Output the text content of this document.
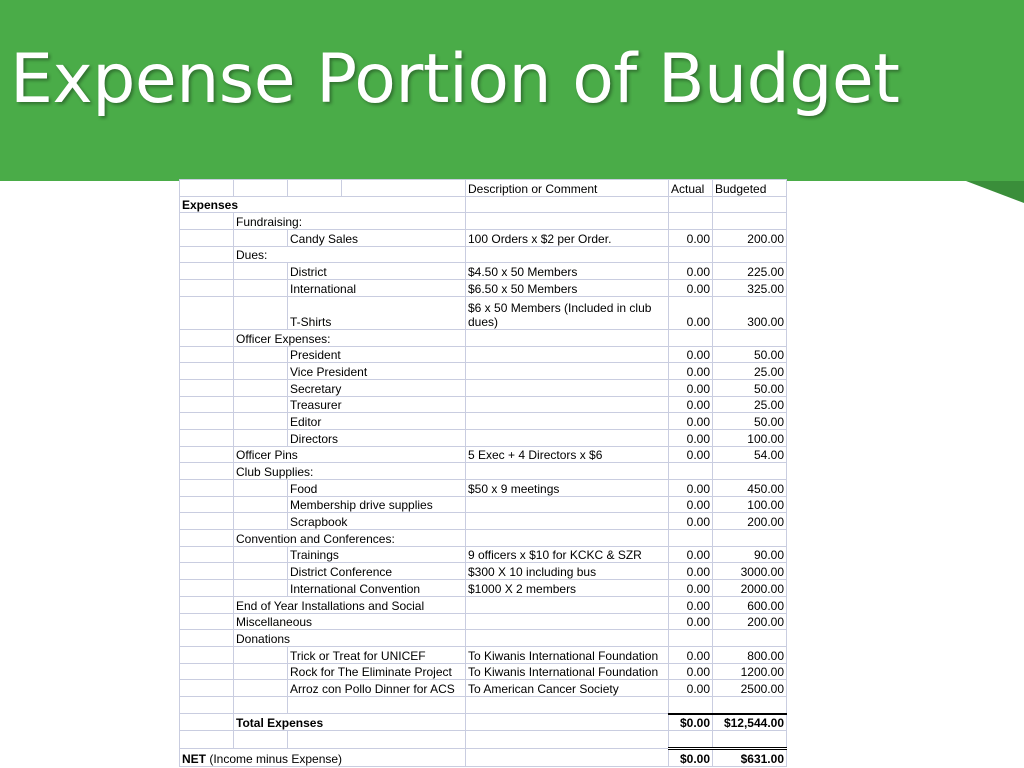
Expense Portion of Budget
				Description or Comment	Actual	Budgeted
Expenses						
	Fundraising:					
		Candy Sales		100 Orders x $2 per Order.	0.00	200.00
	Dues:					
		District		$4.50 x 50 Members	0.00	225.00
		International		$6.50 x 50 Members	0.00	325.00
		T-Shirts		$6 x 50 Members (Included in club dues)	0.00	300.00
	Officer Expenses:					
		President			0.00	50.00
		Vice President			0.00	25.00
		Secretary			0.00	50.00
		Treasurer			0.00	25.00
		Editor			0.00	50.00
		Directors			0.00	100.00
	Officer Pins			5 Exec + 4 Directors x $6	0.00	54.00
	Club Supplies:					
		Food		$50 x 9 meetings	0.00	450.00
		Membership drive supplies			0.00	100.00
		Scrapbook			0.00	200.00
	Convention and Conferences:					
		Trainings		9 officers x $10 for KCKC & SZR	0.00	90.00
		District Conference		$300 X 10 including bus	0.00	3000.00
		International Convention		$1000 X 2 members	0.00	2000.00
	End of Year Installations and Social				0.00	600.00
	Miscellaneous				0.00	200.00
	Donations					
		Trick or Treat for UNICEF		To Kiwanis International Foundation	0.00	800.00
		Rock for The Eliminate Project		To Kiwanis International Foundation	0.00	1200.00
		Arroz con Pollo Dinner for ACS		To American Cancer Society	0.00	2500.00

	Total Expenses				$0.00	$12,544.00

NET (Income minus Expense)					$0.00	$631.00
